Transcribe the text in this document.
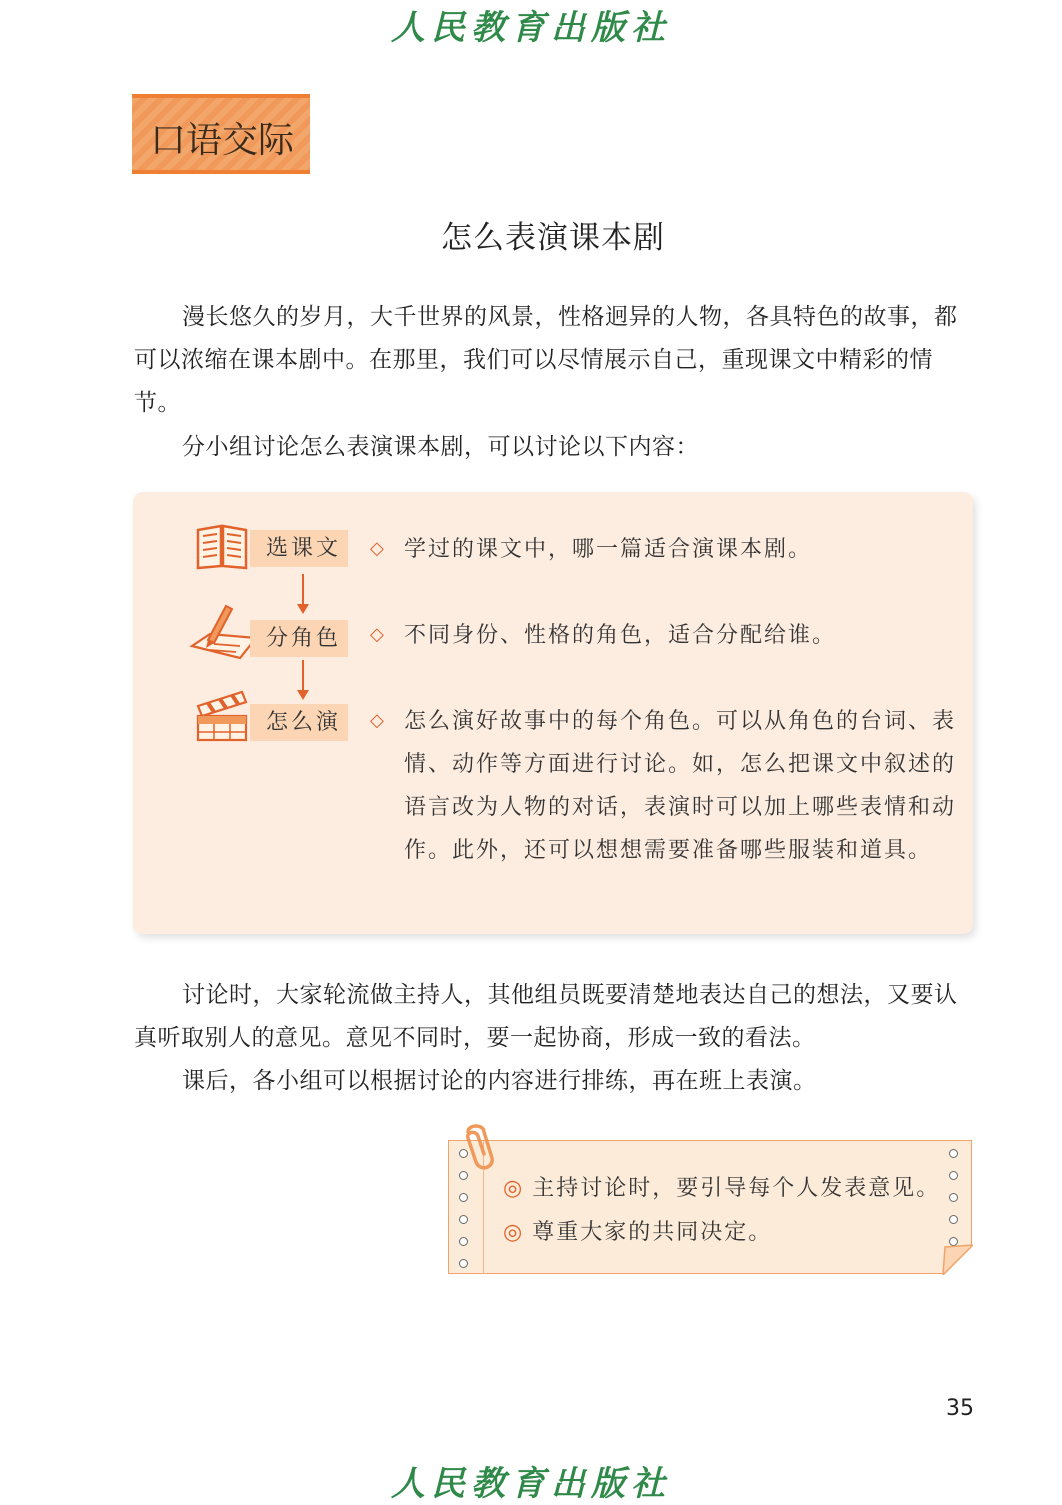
人民教育出版社
口语交际
怎么表演课本剧
漫长悠久的岁月，大千世界的风景，性格迥异的人物，各具特色的故事，都可以浓缩在课本剧中。在那里，我们可以尽情展示自己，重现课文中精彩的情节。
分小组讨论怎么表演课本剧，可以讨论以下内容：
选课文	◇ 学过的课文中，哪一篇适合演课本剧。
分角色	◇ 不同身份、性格的角色，适合分配给谁。
怎么演	◇ 怎么演好故事中的每个角色。可以从角色的台词、表情、动作等方面进行讨论。如，怎么把课文中叙述的语言改为人物的对话，表演时可以加上哪些表情和动作。此外，还可以想想需要准备哪些服装和道具。
讨论时，大家轮流做主持人，其他组员既要清楚地表达自己的想法，又要认真听取别人的意见。意见不同时，要一起协商，形成一致的看法。
课后，各小组可以根据讨论的内容进行排练，再在班上表演。
◎ 主持讨论时，要引导每个人发表意见。
◎ 尊重大家的共同决定。
35
人民教育出版社
